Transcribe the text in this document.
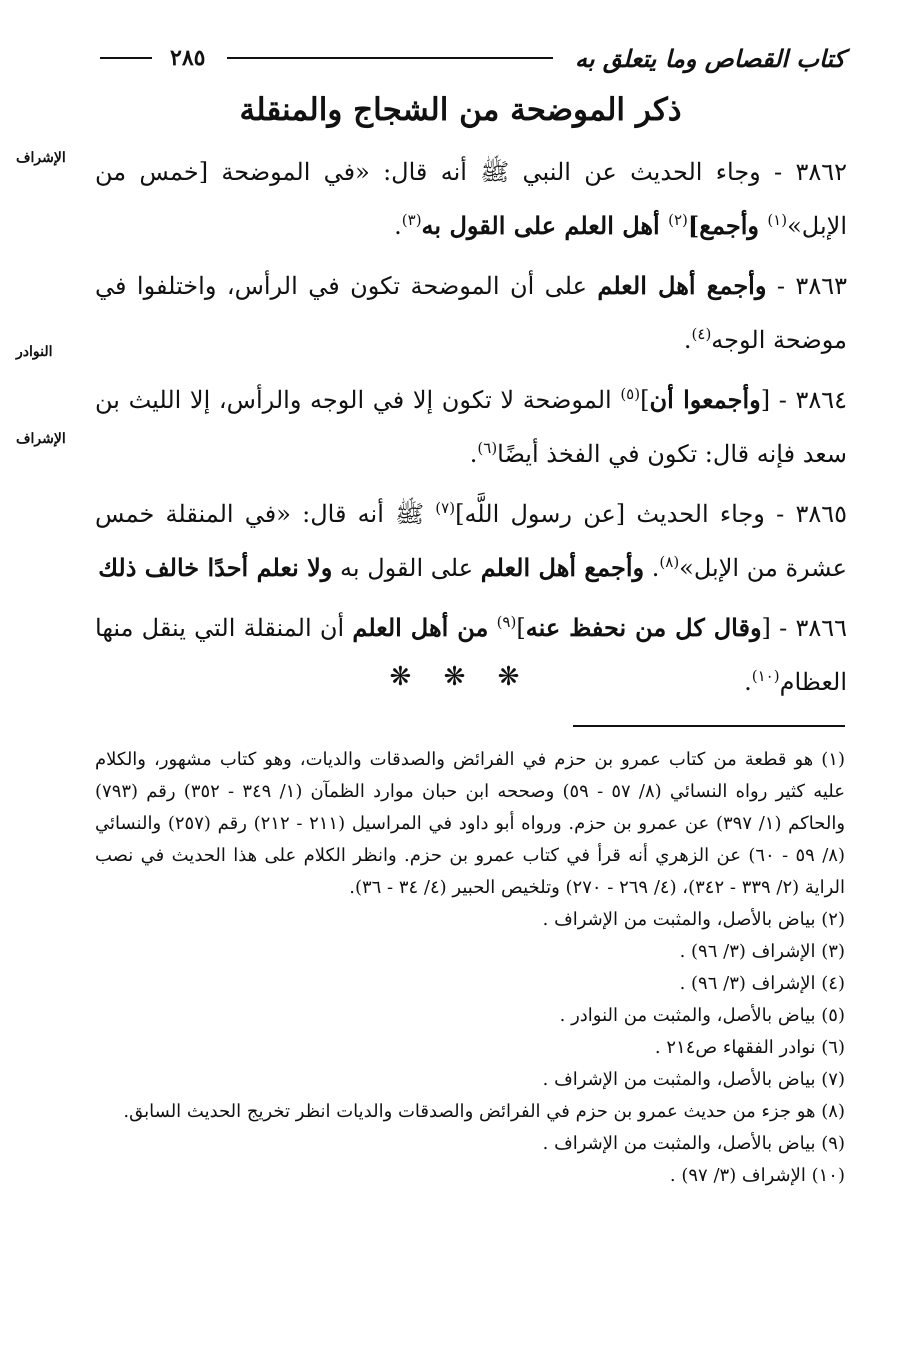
كتاب القصاص وما يتعلق به
٢٨٥
ذكر الموضحة من الشجاج والمنقلة
الإشراف
النوادر
الإشراف

٣٨٦٢ - وجاء الحديث عن النبي ﷺ أنه قال: «في الموضحة [خمس من الإبل»$^{(١)}$ وأجمع]$^{(٢)}$ أهل العلم على القول به$^{(٣)}$.

٣٨٦٣ - وأجمع أهل العلم على أن الموضحة تكون في الرأس، واختلفوا في موضحة الوجه$^{(٤)}$.

٣٨٦٤ - [وأجمعوا أن]$^{(٥)}$ الموضحة لا تكون إلا في الوجه والرأس، إلا الليث بن سعد فإنه قال: تكون في الفخذ أيضًا$^{(٦)}$.

٣٨٦٥ - وجاء الحديث [عن رسول اللَّه]$^{(٧)}$ ﷺ أنه قال: «في المنقلة خمس عشرة من الإبل»$^{(٨)}$. وأجمع أهل العلم على القول به ولا نعلم أحدًا خالف ذلك

٣٨٦٦ - [وقال كل من نحفظ عنه]$^{(٩)}$ من أهل العلم أن المنقلة التي ينقل منها العظام$^{(١٠)}$.

❋ ❋ ❋

(١) هو قطعة من كتاب عمرو بن حزم في الفرائض والصدقات والديات، وهو كتاب مشهور، والكلام عليه كثير رواه النسائي (٨/ ٥٧ - ٥٩) وصححه ابن حبان موارد الظمآن (١/ ٣٤٩ - ٣٥٢) رقم (٧٩٣) والحاكم (١/ ٣٩٧) عن عمرو بن حزم. ورواه أبو داود في المراسيل (٢١١ - ٢١٢) رقم (٢٥٧) والنسائي (٨/ ٥٩ - ٦٠) عن الزهري أنه قرأ في كتاب عمرو بن حزم. وانظر الكلام على هذا الحديث في نصب الراية (٢/ ٣٣٩ - ٣٤٢)، (٤/ ٢٦٩ - ٢٧٠) وتلخيص الحبير (٤/ ٣٤ - ٣٦).

(٢) بياض بالأصل، والمثبت من الإشراف .

(٣) الإشراف (٣/ ٩٦) .

(٤) الإشراف (٣/ ٩٦) .

(٥) بياض بالأصل، والمثبت من النوادر .

(٦) نوادر الفقهاء ص٢١٤ .

(٧) بياض بالأصل، والمثبت من الإشراف .

(٨) هو جزء من حديث عمرو بن حزم في الفرائض والصدقات والديات انظر تخريج الحديث السابق.

(٩) بياض بالأصل، والمثبت من الإشراف .

(١٠) الإشراف (٣/ ٩٧) .
